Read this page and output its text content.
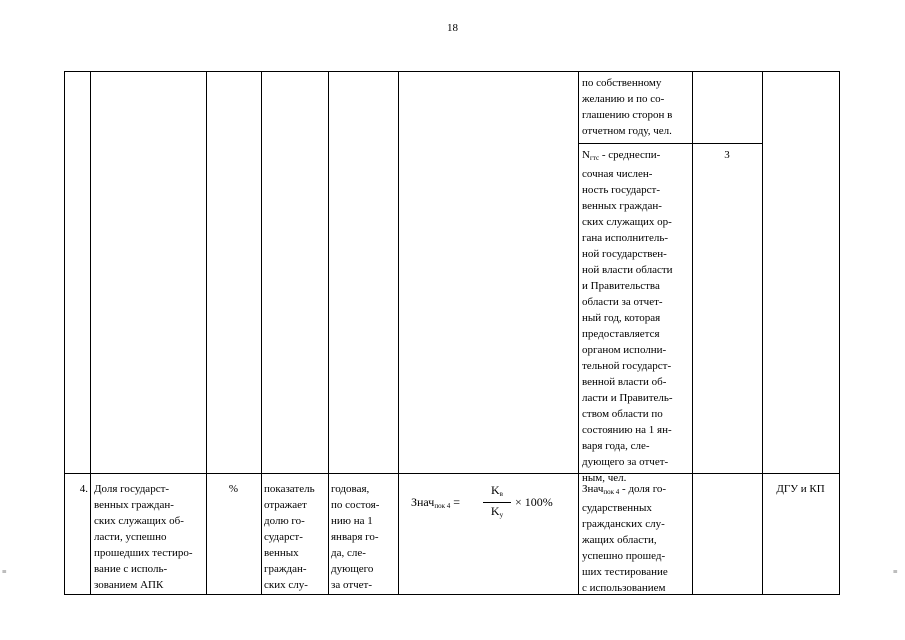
18
по собственному
желанию и по со-
глашению сторон в
отчетном году, чел.
$N_{гтс}$ - среднеспи-
сочная числен-
ность государст-
венных граждан-
ских служащих ор-
гана исполнитель-
ной государствен-
ной власти области
и Правительства
области за отчет-
ный год, которая
предоставляется
органом исполни-
тельной государст-
венной власти об-
ласти и Правитель-
ством области по
состоянию на 1 ян-
варя года, сле-
дующего за отчет-
ным, чел.
3
4. Доля государст-
венных граждан-
ских служащих об-
ласти, успешно
прошедших тестиро-
вание с исполь-
зованием АПК
%	показатель
отражает
долю го-
сударст-
венных
граждан-
ских слу-
годовая,
по состоя-
нию на 1
января го-
да, сле-
дующего
за отчет-
Знач$_{пок 4}$ =
$K_в$
$K_у$
× 100%
Знач$_{пок 4}$ - доля го-
сударственных
гражданских слу-
жащих области,
успешно прошед-
ших тестирование
с использованием
ДГУ и КП
≡	≡
